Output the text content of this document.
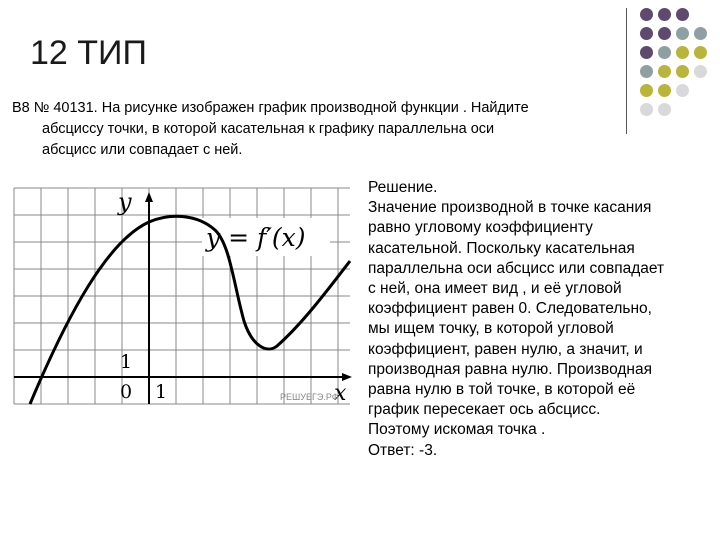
12 ТИП
В8 № 40131. На рисунке изображен график производной функции . Найдите
абсциссу точки, в которой касательная к графику параллельна оси
абсцисс или совпадает с ней.
y
x
y = f′(x)
1
0 1	РЕШУЕГЭ.РФ
Решение.
Значение производной в точке касания
равно угловому коэффициенту
касательной. Поскольку касательная
параллельна оси абсцисс или совпадает
с ней, она имеет вид , и её угловой
коэффициент равен 0. Следовательно,
мы ищем точку, в которой угловой
коэффициент, равен нулю, а значит, и
производная равна нулю. Производная
равна нулю в той точке, в которой её
график пересекает ось абсцисс.
Поэтому искомая точка .
Ответ: -3.
